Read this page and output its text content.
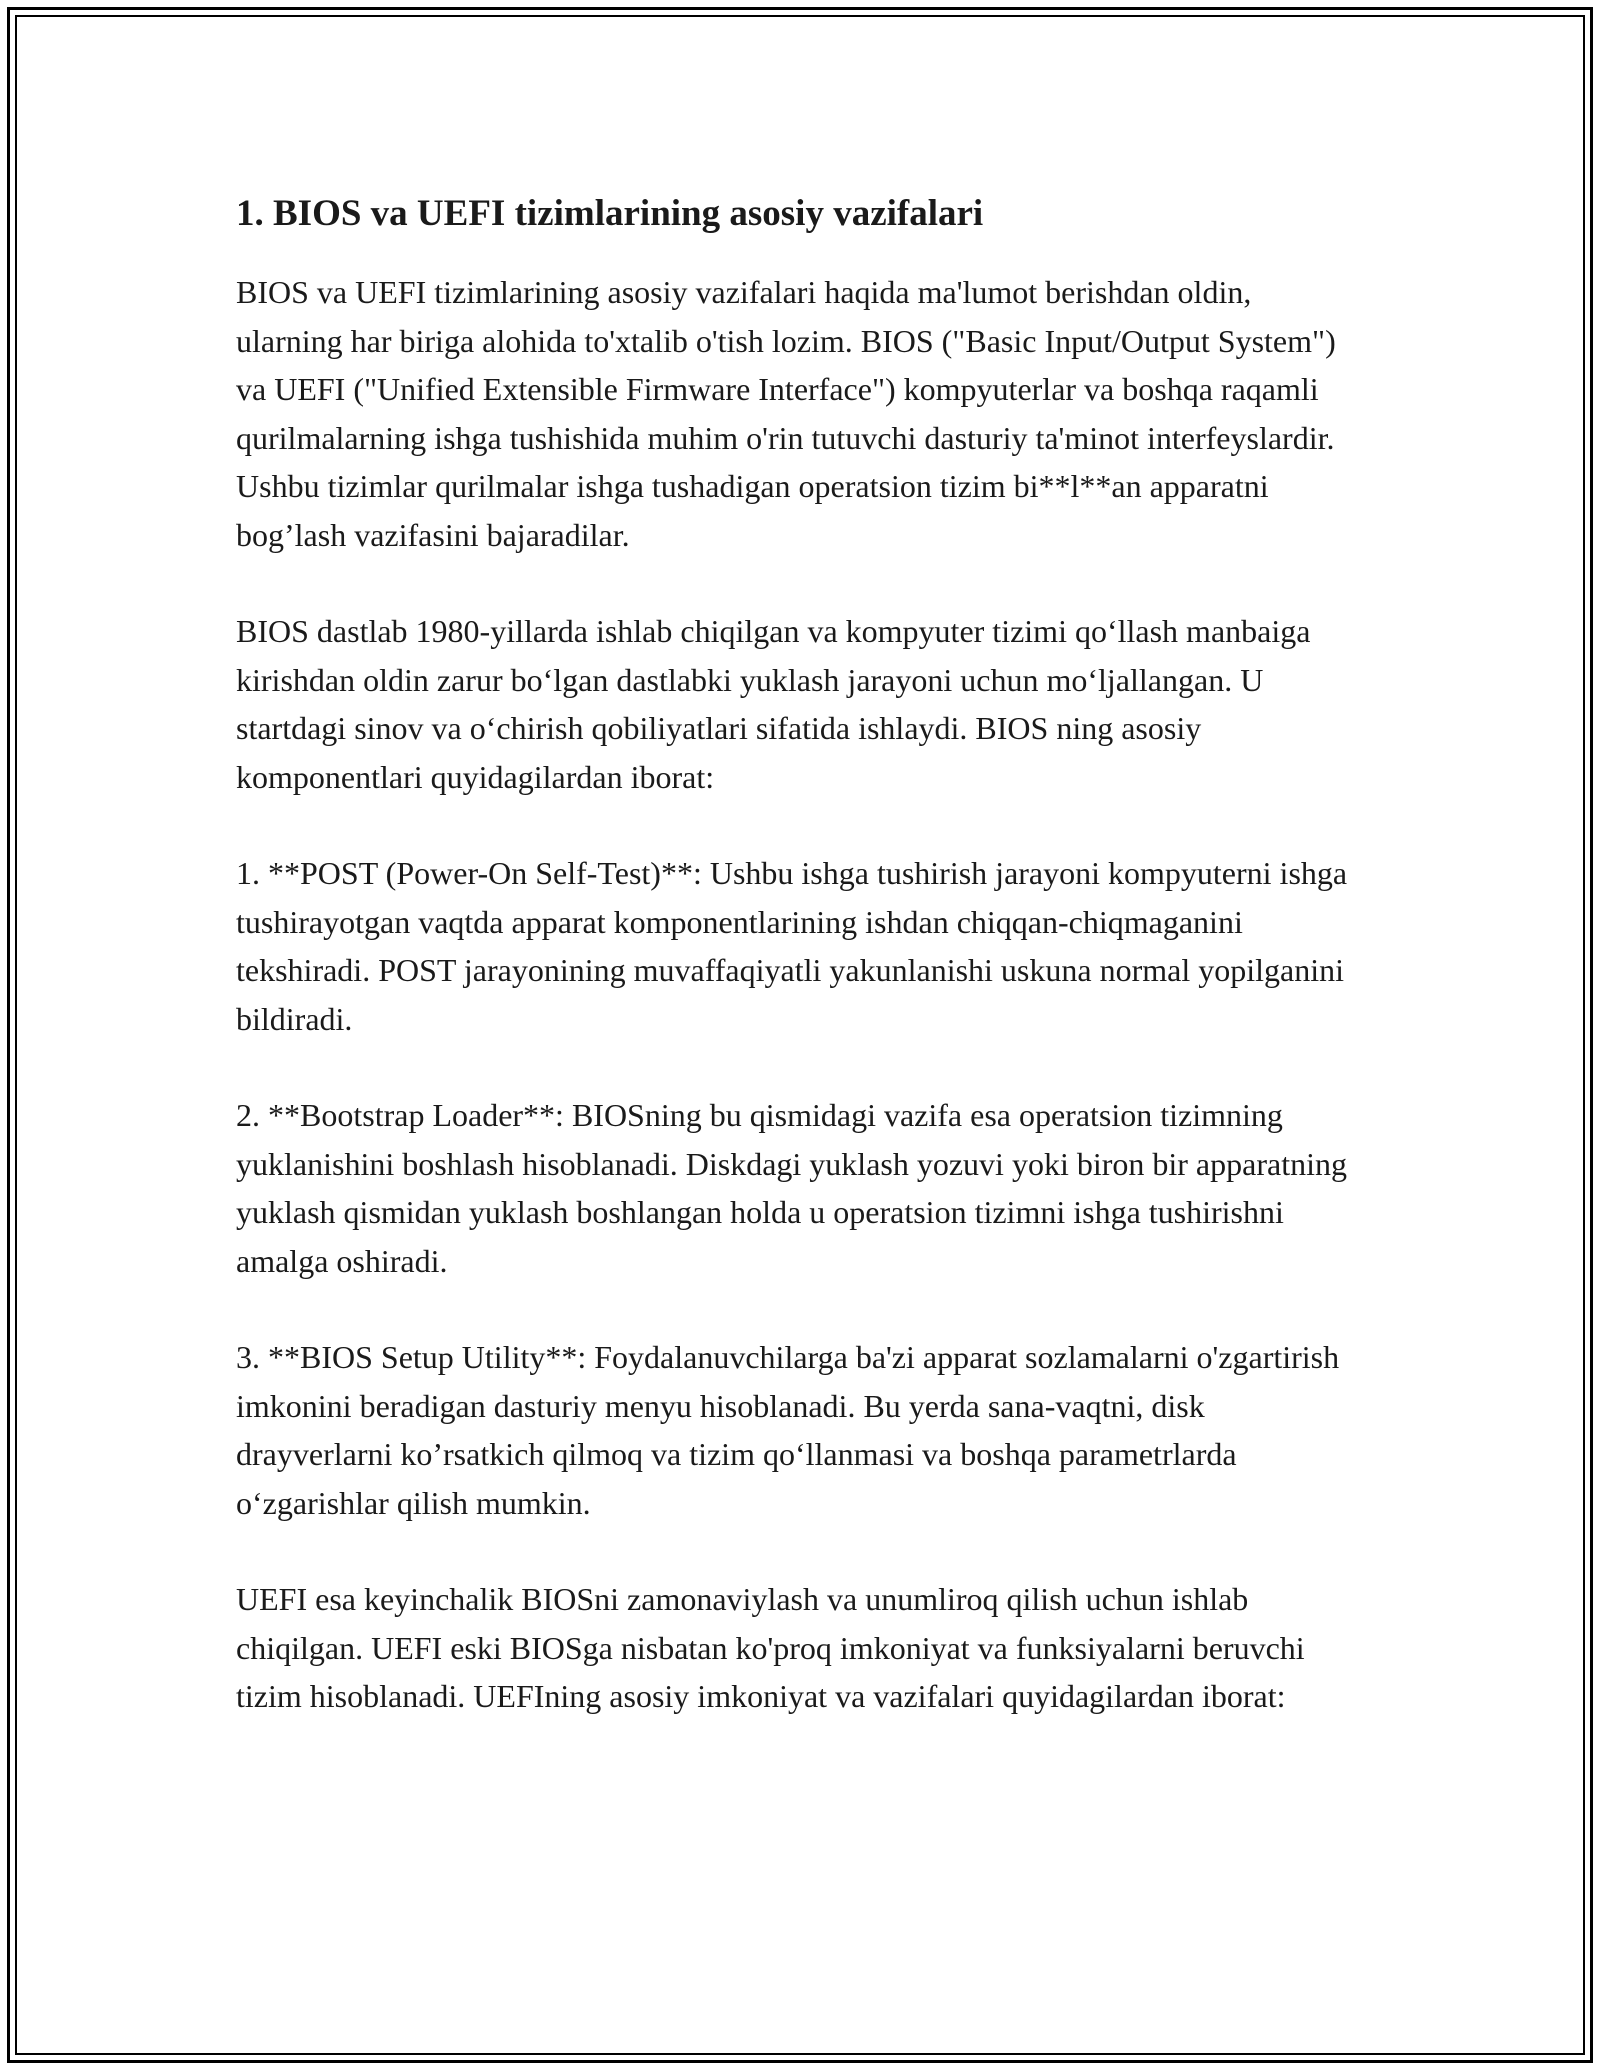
1. BIOS va UEFI tizimlarining asosiy vazifalari

BIOS va UEFI tizimlarining asosiy vazifalari haqida ma'lumot berishdan oldin, ularning har biriga alohida to'xtalib o'tish lozim. BIOS ("Basic Input/Output System") va UEFI ("Unified Extensible Firmware Interface") kompyuterlar va boshqa raqamli qurilmalarning ishga tushishida muhim o'rin tutuvchi dasturiy ta'minot interfeyslardir. Ushbu tizimlar qurilmalar ishga tushadigan operatsion tizim bi**l**an apparatni bog’lash vazifasini bajaradilar.

BIOS dastlab 1980-yillarda ishlab chiqilgan va kompyuter tizimi qo‘llash manbaiga kirishdan oldin zarur bo‘lgan dastlabki yuklash jarayoni uchun mo‘ljallangan. U startdagi sinov va o‘chirish qobiliyatlari sifatida ishlaydi. BIOS ning asosiy komponentlari quyidagilardan iborat:

1. **POST (Power-On Self-Test)**: Ushbu ishga tushirish jarayoni kompyuterni ishga tushirayotgan vaqtda apparat komponentlarining ishdan chiqqan-chiqmaganini tekshiradi. POST jarayonining muvaffaqiyatli yakunlanishi uskuna normal yopilganini bildiradi.

2. **Bootstrap Loader**: BIOSning bu qismidagi vazifa esa operatsion tizimning yuklanishini boshlash hisoblanadi. Diskdagi yuklash yozuvi yoki biron bir apparatning yuklash qismidan yuklash boshlangan holda u operatsion tizimni ishga tushirishni amalga oshiradi.

3. **BIOS Setup Utility**: Foydalanuvchilarga ba'zi apparat sozlamalarni o'zgartirish imkonini beradigan dasturiy menyu hisoblanadi. Bu yerda sana-vaqtni, disk drayverlarni ko’rsatkich qilmoq va tizim qo‘llanmasi va boshqa parametrlarda o‘zgarishlar qilish mumkin.

UEFI esa keyinchalik BIOSni zamonaviylash va unumliroq qilish uchun ishlab chiqilgan. UEFI eski BIOSga nisbatan ko'proq imkoniyat va funksiyalarni beruvchi tizim hisoblanadi. UEFIning asosiy imkoniyat va vazifalari quyidagilardan iborat:
